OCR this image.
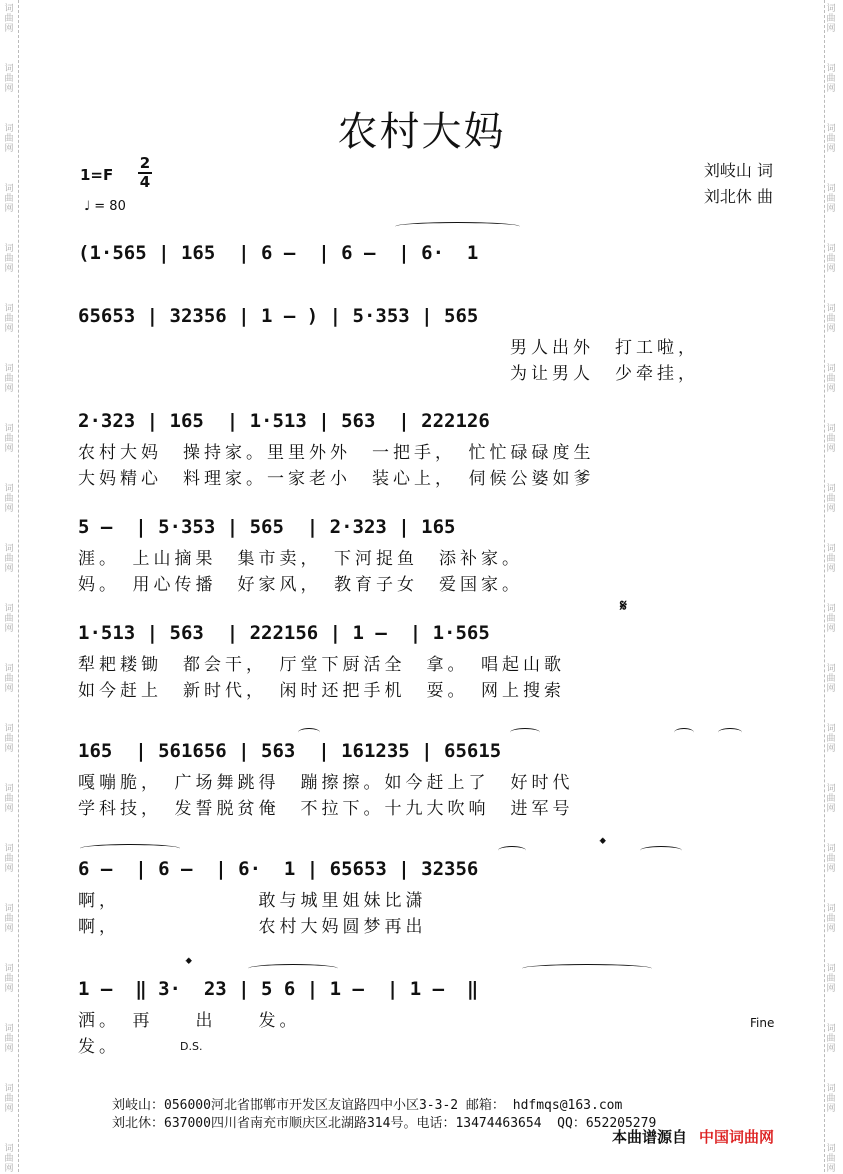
词
曲
网
词
曲
网
词
曲
网
词
曲
网
词
曲
网
词
曲
网
词
曲
网
词
曲
网
词
曲
网
词
曲
网
词
曲
网
词
曲
网
词
曲
网
词
曲
网
词
曲
网
词
曲
网
词
曲
网
词
曲
网
词
曲
网
词
曲
网
词
曲
网
词
曲
网
词
曲
网
词
曲
网
词
曲
网
词
曲
网
词
曲
网
词
曲
网
词
曲
网
词
曲
网
词
曲
网
词
曲
网
词
曲
网
词
曲
网
词
曲
网
词
曲
网
词
曲
网
词
曲
网
词
曲
网
词
曲
网
农村大妈
1=F
2
4
♩ = 80
刘岐山 词
刘北休 曲
(1·565 | 165  | 6 –  | 6 –  | 6·  1
65653 | 32356 | 1 – ) | 5·353 | 565
男人出外　打工啦，
为让男人　少牵挂，
2·323 | 165  | 1·513 | 563  | 222126
农村大妈　操持家。里里外外　一把手，　忙忙碌碌度生
大妈精心　料理家。一家老小　装心上，　伺候公婆如爹
5 –  | 5·353 | 565  | 2·323 | 165
涯。　上山摘果　集市卖，　下河捉鱼　添补家。
妈。　用心传播　好家风，　教育子女　爱国家。
𝄋
1·513 | 563  | 222156 | 1 –  | 1·565
犁耙耧锄　都会干，　厅堂下厨活全　拿。　唱起山歌
如今赶上　新时代，　闲时还把手机　耍。　网上搜索
165  | 561656 | 563  | 161235 | 65615
嘎嘣脆，　广场舞跳得　蹦擦擦。如今赶上了　好时代
学科技，　发誓脱贫俺　不拉下。十九大吹响　进军号
𝄌
6 –  | 6 –  | 6·  1 | 65653 | 32356
啊，　　　　　　　敢与城里姐妹比潇
啊，　　　　　　　农村大妈圆梦再出
𝄌
1 –  ‖ 3·  23 | 5 6 | 1 –  | 1 –  ‖
洒。　再　　出　　发。
发。
Fine
D.S.
刘岐山：056000河北省邯郸市开发区友谊路四中小区3-3-2 邮箱： hdfmqs@163.com
刘北休：637000四川省南充市顺庆区北湖路314号。电话：13474463654  QQ：652205279
本曲谱源自 中国词曲网
